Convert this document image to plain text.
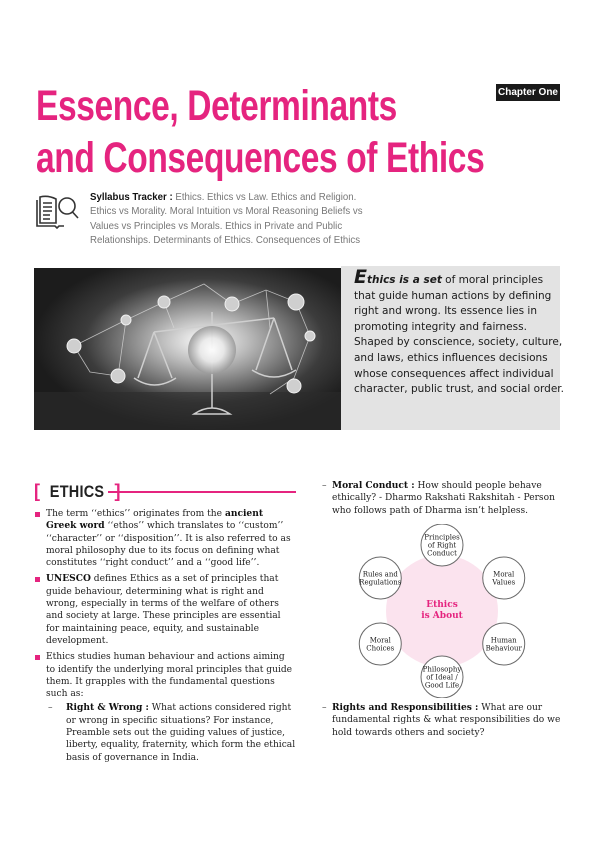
Chapter One
Essence, Determinants
and Consequences of Ethics
Syllabus Tracker : Ethics. Ethics vs Law. Ethics and Religion. Ethics vs Morality. Moral Intuition vs Moral Reasoning Beliefs vs Values vs Principles vs Morals. Ethics in Private and Public Relationships. Determinants of Ethics. Consequences of Ethics
Ethics is a set of moral principles that guide human actions by defining right and wrong. Its essence lies in promoting integrity and fairness. Shaped by conscience, society, culture, and laws, ethics influences decisions whose consequences affect individual character, public trust, and social order.
[ ETHICS
The term ‘‘ethics’’ originates from the ancient Greek word ‘‘ethos’’ which translates to ‘‘custom’’ ‘‘character’’ or ‘‘disposition’’. It is also referred to as moral philosophy due to its focus on defining what constitutes ‘‘right conduct’’ and a ‘‘good life’’.
UNESCO defines Ethics as a set of principles that guide behaviour, determining what is right and wrong, especially in terms of the welfare of others and society at large. These principles are essential for maintaining peace, equity, and sustainable development.
Ethics studies human behaviour and actions aiming to identify the underlying moral principles that guide them. It grapples with the fundamental questions such as:
– Right & Wrong : What actions considered right or wrong in specific situations? For instance, Preamble sets out the guiding values of justice, liberty, equality, fraternity, which form the ethical basis of governance in India.
– Moral Conduct : How should people behave ethically? - Dharmo Rakshati Rakshitah - Person who follows path of Dharma isn’t helpless.
– Rights and Responsibilities : What are our fundamental rights & what responsibilities do we hold towards others and society?
Ethics is About
Principles of Right Conduct
Moral Values
Human Behaviour
Philosophy of Ideal / Good Life
Moral Choices
Rules and Regulations
